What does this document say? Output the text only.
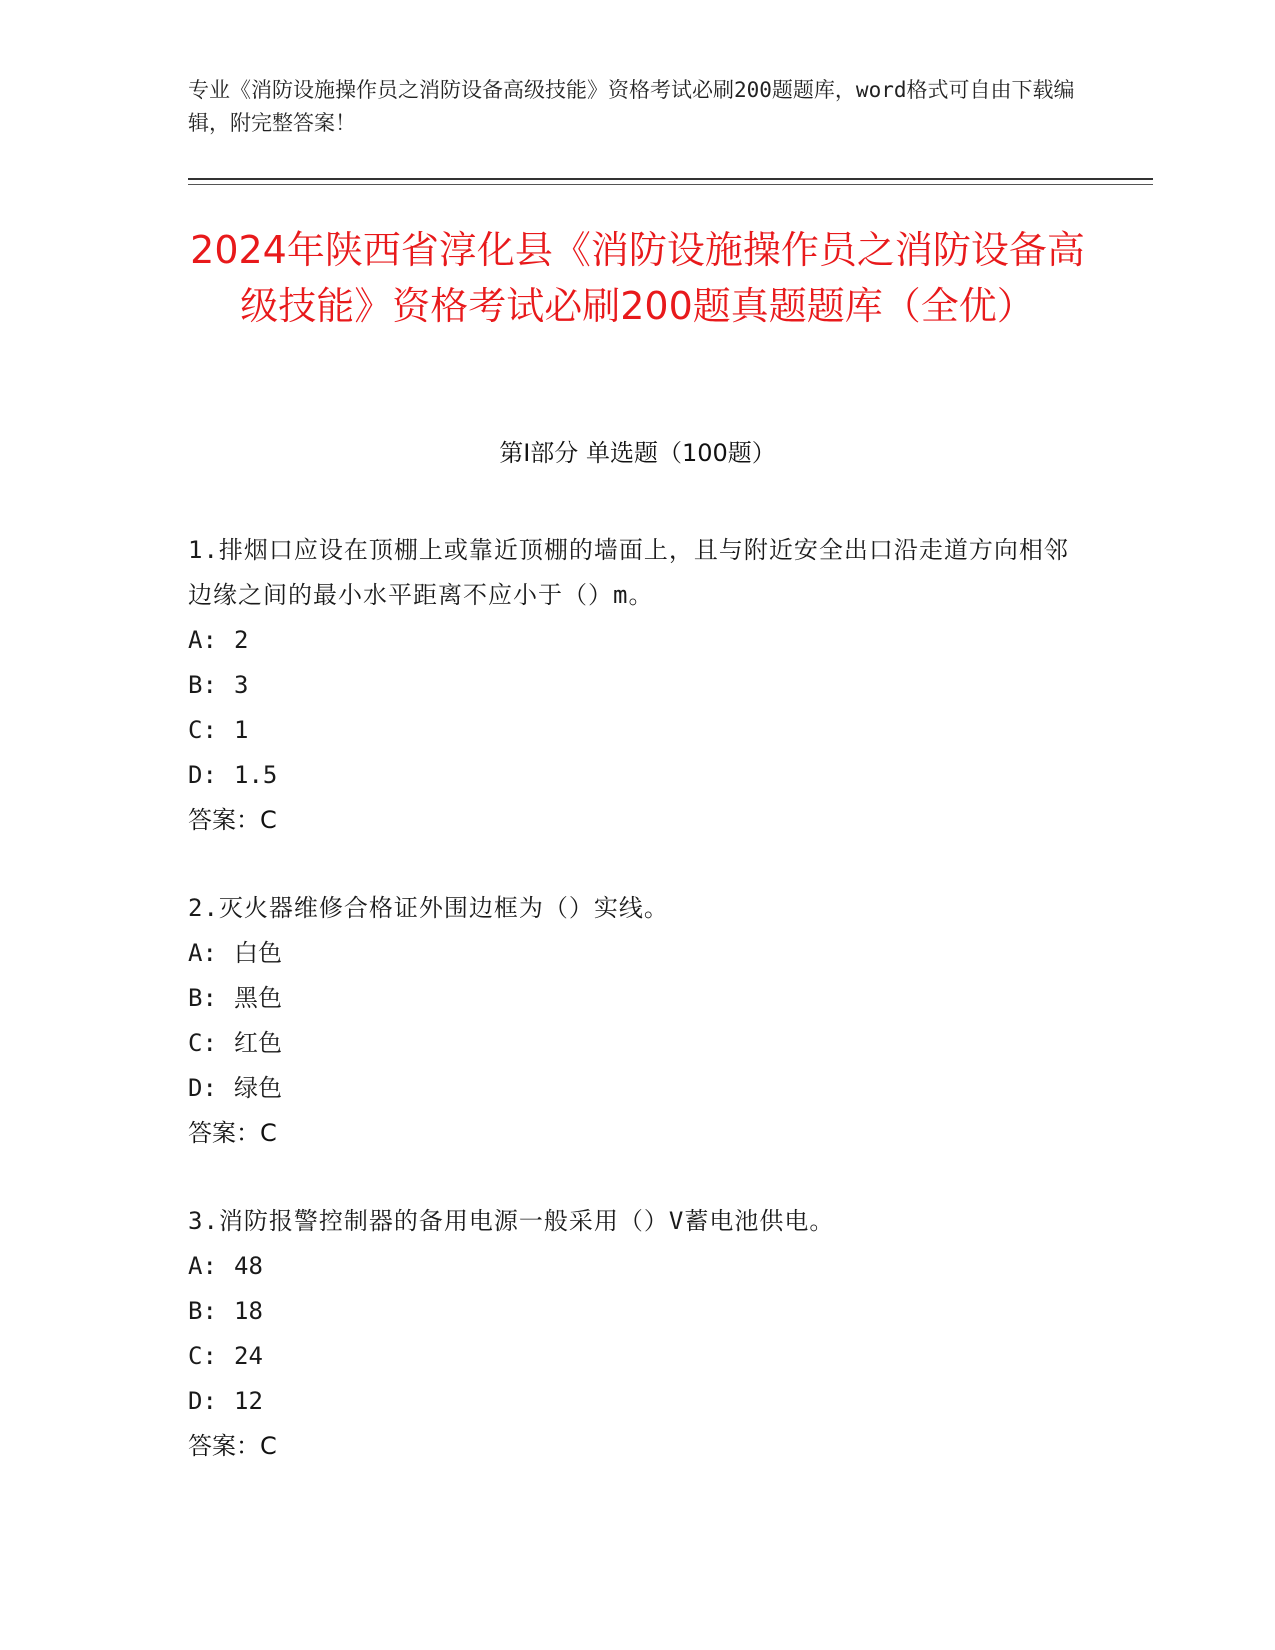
专业《消防设施操作员之消防设备高级技能》资格考试必刷200题题库，word格式可自由下载编辑，附完整答案！
2024年陕西省淳化县《消防设施操作员之消防设备高级技能》资格考试必刷200题真题题库（全优）
第I部分 单选题（100题）
1.排烟口应设在顶棚上或靠近顶棚的墙面上，且与附近安全出口沿走道方向相邻边缘之间的最小水平距离不应小于（）m。
A: 2
B: 3
C: 1
D: 1.5
答案：C
2.灭火器维修合格证外围边框为（）实线。
A: 白色
B: 黑色
C: 红色
D: 绿色
答案：C
3.消防报警控制器的备用电源一般采用（）V蓄电池供电。
A: 48
B: 18
C: 24
D: 12
答案：C
